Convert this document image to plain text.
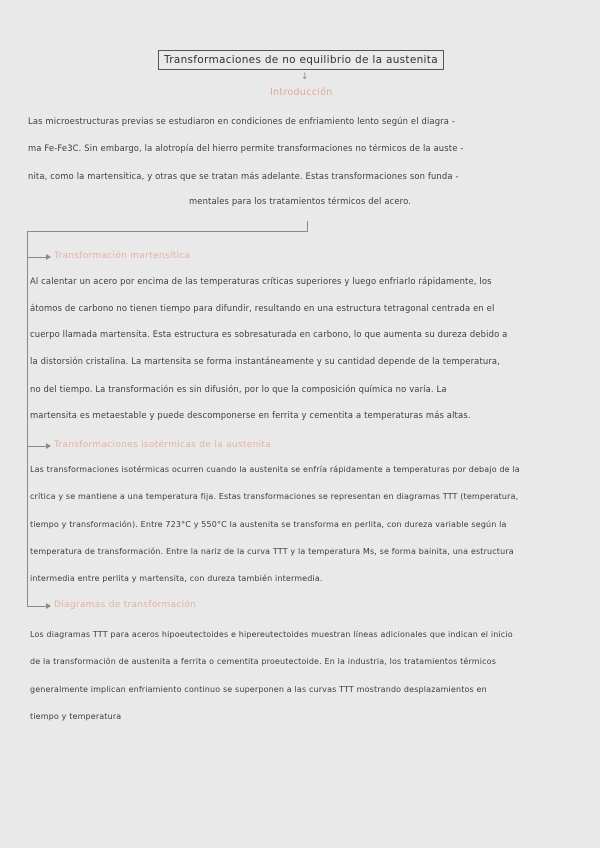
Transformaciones de no equilibrio de la austenita
↓
Introducción
Las microestructuras previas se estudiaron en condiciones de enfriamiento lento según el diagra -
ma Fe-Fe3C. Sin embargo, la alotropía del hierro permite transformaciones no térmicos de la auste -
nita, como la martensítica, y otras que se tratan más adelante. Estas transformaciones son funda -
mentales para los tratamientos térmicos del acero.
Transformación martensítica
Al calentar un acero por encima de las temperaturas críticas superiores y luego enfriarlo rápidamente, los
átomos de carbono no tienen tiempo para difundir, resultando en una estructura tetragonal centrada en el
cuerpo llamada martensita. Esta estructura es sobresaturada en carbono, lo que aumenta su dureza debido a
la distorsión cristalina. La martensita se forma instantáneamente y su cantidad depende de la temperatura,
no del tiempo. La transformación es sin difusión, por lo que la composición química no varía. La
martensita es metaestable y puede descomponerse en ferrita y cementita a temperaturas más altas.
Transformaciones isotérmicas de la austenita
Las transformaciones isotérmicas ocurren cuando la austenita se enfría rápidamente a temperaturas por debajo de la
crítica y se mantiene a una temperatura fija. Estas transformaciones se representan en diagramas TTT (temperatura,
tiempo y transformación). Entre 723°C y 550°C la austenita se transforma en perlita, con dureza variable según la
temperatura de transformación. Entre la nariz de la curva TTT y la temperatura Ms, se forma bainita, una estructura
intermedia entre perlita y martensita, con dureza también intermedia.
Diagramas de transformación
Los diagramas TTT para aceros hipoeutectoides e hipereutectoides muestran líneas adicionales que indican el inicio
de la transformación de austenita a ferrita o cementita proeutectoide. En la industria, los tratamientos térmicos
generalmente implican enfriamiento continuo se superponen a las curvas TTT mostrando desplazamientos en
tiempo y temperatura
